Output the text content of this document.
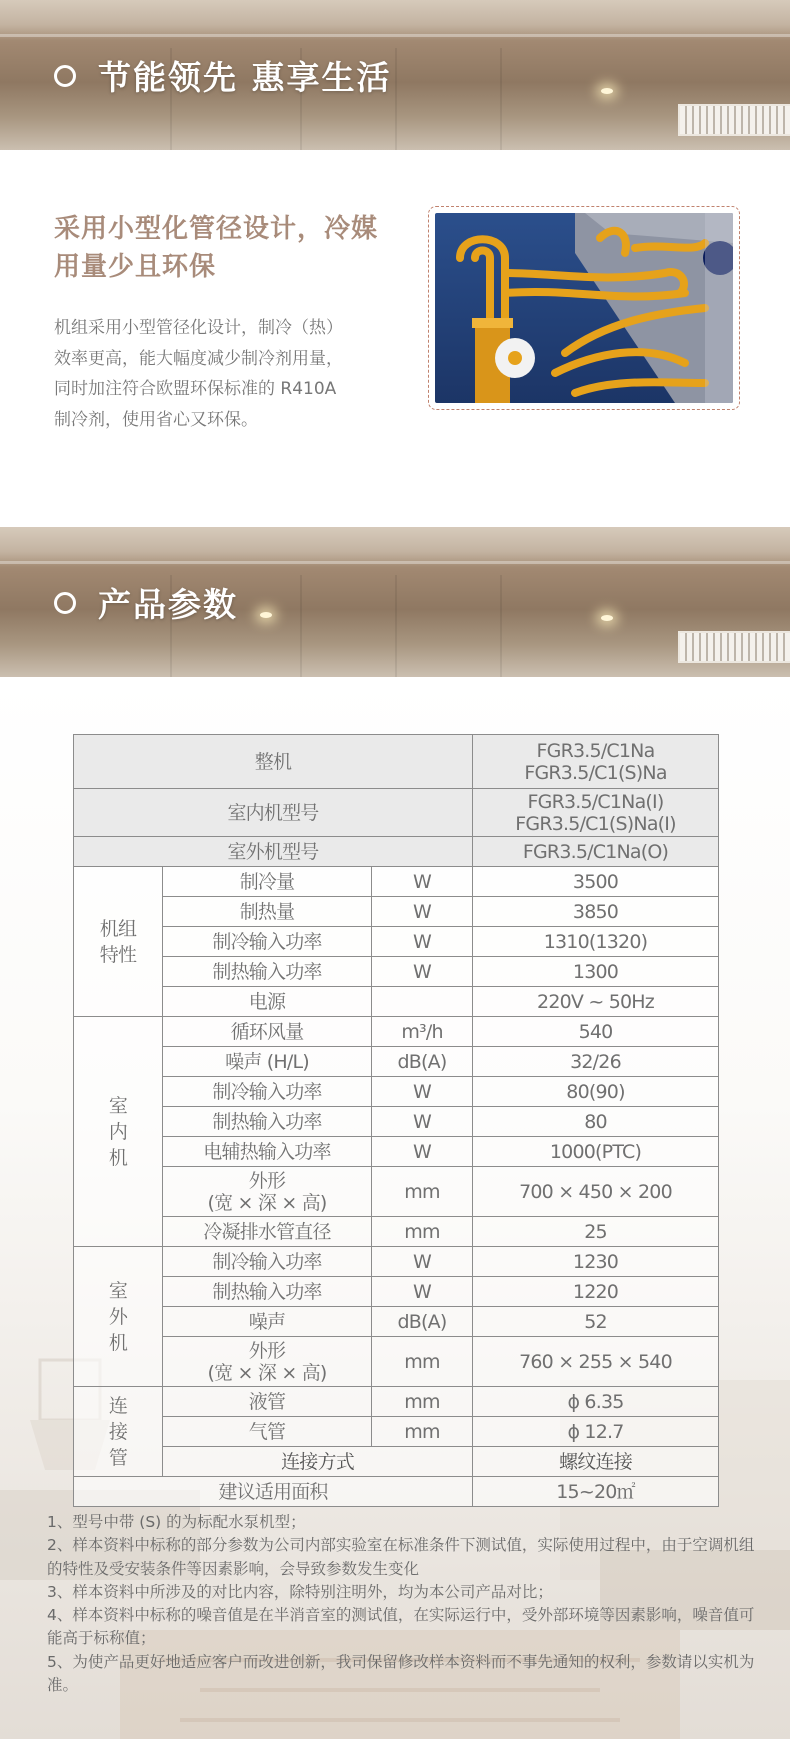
节能领先 惠享生活
采用小型化管径设计，冷媒用量少且环保
机组采用小型管径化设计，制冷（热）效率更高，能大幅度减少制冷剂用量，同时加注符合欧盟环保标准的 R410A 制冷剂，使用省心又环保。
产品参数
整机			FGR3.5/C1Na
FGR3.5/C1(S)Na

室内机型号			FGR3.5/C1Na(I)
FGR3.5/C1(S)Na(I)

室外机型号			FGR3.5/C1Na(O)
机组
特性	制冷量	W	3500
	制热量	W	3850
	制冷输入功率	W	1310(1320)
	制热输入功率	W	1300
	电源		220V ~ 50Hz
室
内
机	循环风量	m³/h	540
	噪声 (H/L)	dB(A)	32/26
	制冷输入功率	W	80(90)
	制热输入功率	W	80
	电辅热输入功率	W	1000(PTC)
	外形
(宽 × 深 × 高)	mm	700 × 450 × 200
	冷凝排水管直径	mm	25
室
外
机	制冷输入功率	W	1230
	制热输入功率	W	1220
	噪声	dB(A)	52
	外形
(宽 × 深 × 高)	mm	760 × 255 × 540
连
接
管	液管	mm	ϕ 6.35
	气管	mm	ϕ 12.7
	连接方式		螺纹连接
建议适用面积			15~20㎡
1、型号中带 (S) 的为标配水泵机型；
2、样本资料中标称的部分参数为公司内部实验室在标准条件下测试值，实际使用过程中，由于空调机组的特性及受安装条件等因素影响，会导致参数发生变化
3、样本资料中所涉及的对比内容，除特别注明外，均为本公司产品对比；
4、样本资料中标称的噪音值是在半消音室的测试值，在实际运行中，受外部环境等因素影响，噪音值可能高于标称值；
5、为使产品更好地适应客户而改进创新，我司保留修改样本资料而不事先通知的权利，参数请以实机为准。
